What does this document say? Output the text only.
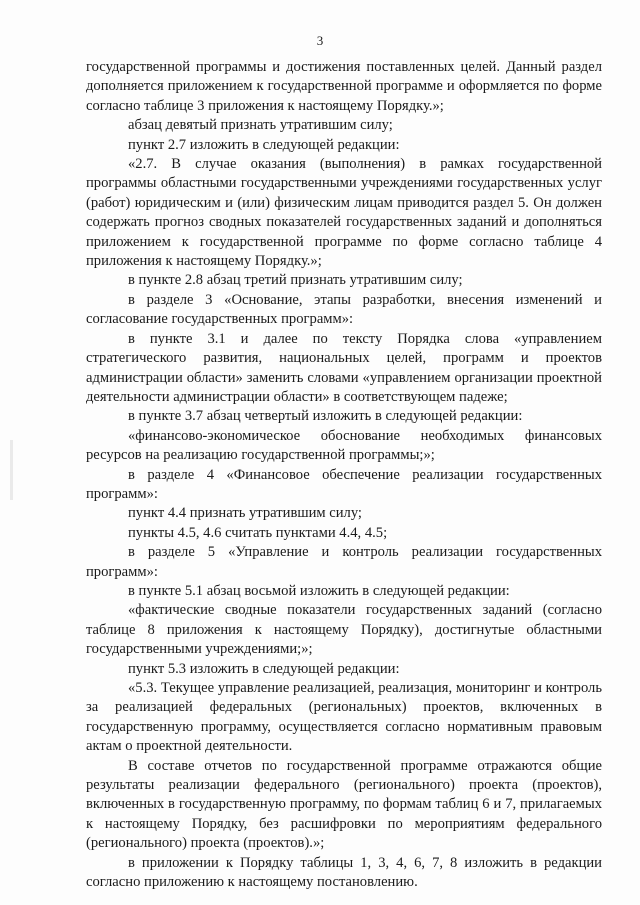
3

государственной программы и достижения поставленных целей. Данный раздел дополняется приложением к государственной программе и оформляется по форме согласно таблице 3 приложения к настоящему Порядку.»;

абзац девятый признать утратившим силу;

пункт 2.7 изложить в следующей редакции:

«2.7. В случае оказания (выполнения) в рамках государственной программы областными государственными учреждениями государственных услуг (работ) юридическим и (или) физическим лицам приводится раздел 5. Он должен содержать прогноз сводных показателей государственных заданий и дополняться приложением к государственной программе по форме согласно таблице 4 приложения к настоящему Порядку.»;

в пункте 2.8 абзац третий признать утратившим силу;

в разделе 3 «Основание, этапы разработки, внесения изменений и согласование государственных программ»:

в пункте 3.1 и далее по тексту Порядка слова «управлением стратегического развития, национальных целей, программ и проектов администрации области» заменить словами «управлением организации проектной деятельности администрации области» в соответствующем падеже;

в пункте 3.7 абзац четвертый изложить в следующей редакции:

«финансово-экономическое обоснование необходимых финансовых ресурсов на реализацию государственной программы;»;

в разделе 4 «Финансовое обеспечение реализации государственных программ»:

пункт 4.4 признать утратившим силу;

пункты 4.5, 4.6 считать пунктами 4.4, 4.5;

в разделе 5 «Управление и контроль реализации государственных программ»:

в пункте 5.1 абзац восьмой изложить в следующей редакции:

«фактические сводные показатели государственных заданий (согласно таблице 8 приложения к настоящему Порядку), достигнутые областными государственными учреждениями;»;

пункт 5.3 изложить в следующей редакции:

«5.3. Текущее управление реализацией, реализация, мониторинг и контроль за реализацией федеральных (региональных) проектов, включенных в государственную программу, осуществляется согласно нормативным правовым актам о проектной деятельности.

В составе отчетов по государственной программе отражаются общие результаты реализации федерального (регионального) проекта (проектов), включенных в государственную программу, по формам таблиц 6 и 7, прилагаемых к настоящему Порядку, без расшифровки по мероприятиям федерального (регионального) проекта (проектов).»;

в приложении к Порядку таблицы 1, 3, 4, 6, 7, 8 изложить в редакции согласно приложению к настоящему постановлению.
